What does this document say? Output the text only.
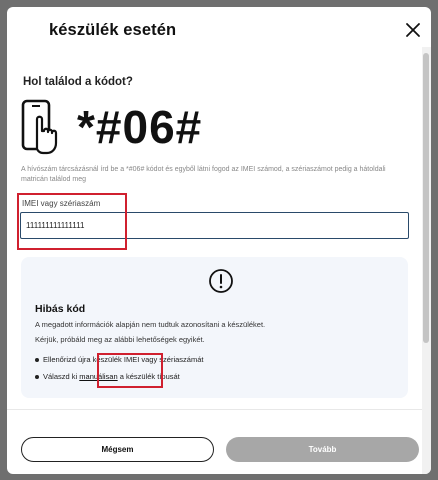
készülék esetén
Hol találod a kódot?
*#06#
A hívószám tárcsázásnál írd be a *#06# kódot és egyből látni fogod az IMEI számod, a szériaszámot pedig a hátoldali matricán találod meg
IMEI vagy szériaszám
111111111111111
Hibás kód
A megadott információk alapján nem tudtuk azonosítani a készüléket.
Kérjük, próbáld meg az alábbi lehetőségek egyikét.
Ellenőrizd újra készülék IMEI vagy szériaszámát
Válaszd ki manuálisan a készülék típusát
Mégsem	Tovább
